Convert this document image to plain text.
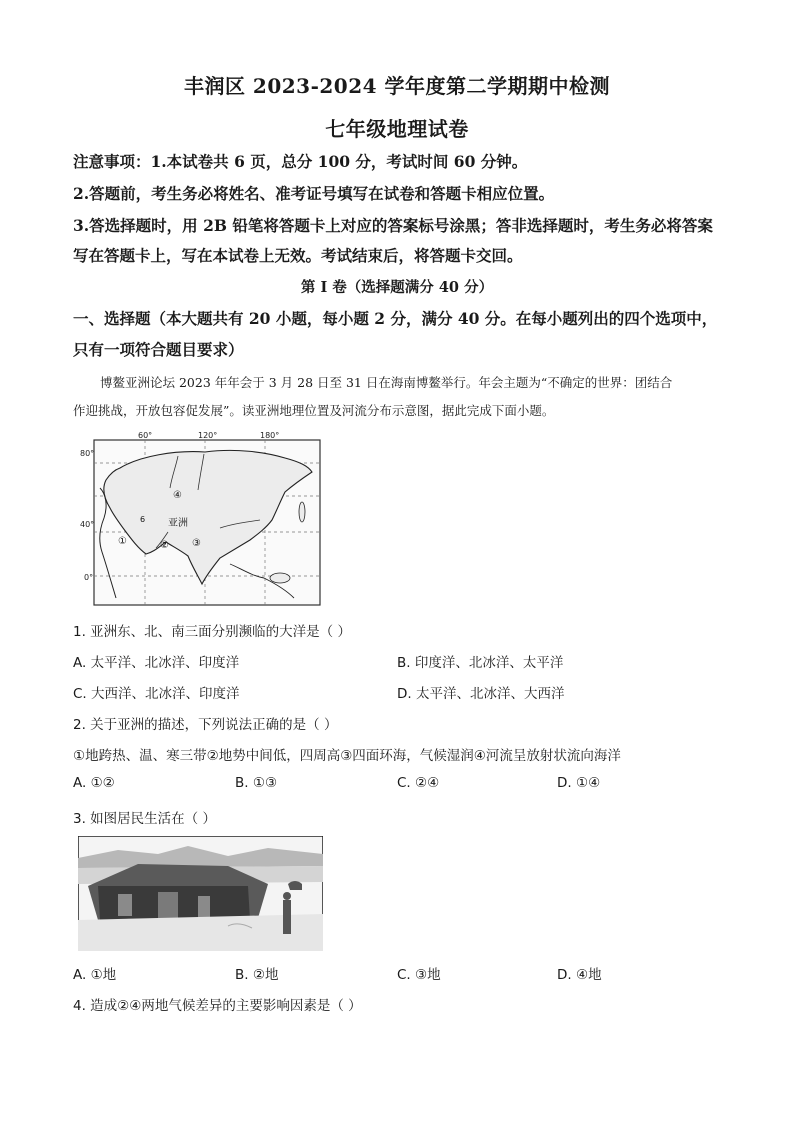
丰润区 2023-2024 学年度第二学期期中检测
七年级地理试卷
注意事项：1.本试卷共 6 页，总分 100 分，考试时间 60 分钟。
2.答题前，考生务必将姓名、准考证号填写在试卷和答题卡相应位置。
3.答选择题时，用 2B 铅笔将答题卡上对应的答案标号涂黑；答非选择题时，考生务必将答案
写在答题卡上，写在本试卷上无效。考试结束后，将答题卡交回。
第 I 卷（选择题满分 40 分）
一、选择题（本大题共有 20 小题，每小题 2 分，满分 40 分。在每小题列出的四个选项中，
只有一项符合题目要求）
博鳌亚洲论坛 2023 年年会于 3 月 28 日至 31 日在海南博鳌举行。年会主题为“不确定的世界：团结合
作迎挑战，开放包容促发展”。读亚洲地理位置及河流分布示意图，据此完成下面小题。
80°
40°
0°
60°	120°	180°
④
6 亚洲
①	② ③
1. 亚洲东、北、南三面分别濒临的大洋是（ ）
A. 太平洋、北冰洋、印度洋	B. 印度洋、北冰洋、太平洋
C. 大西洋、北冰洋、印度洋	D. 太平洋、北冰洋、大西洋
2. 关于亚洲的描述，下列说法正确的是（ ）
①地跨热、温、寒三带②地势中间低，四周高③四面环海，气候湿润④河流呈放射状流向海洋
A. ①②	B. ①③	C. ②④	D. ①④
3. 如图居民生活在（ ）
A. ①地	B. ②地	C. ③地	D. ④地
4. 造成②④两地气候差异的主要影响因素是（ ）
